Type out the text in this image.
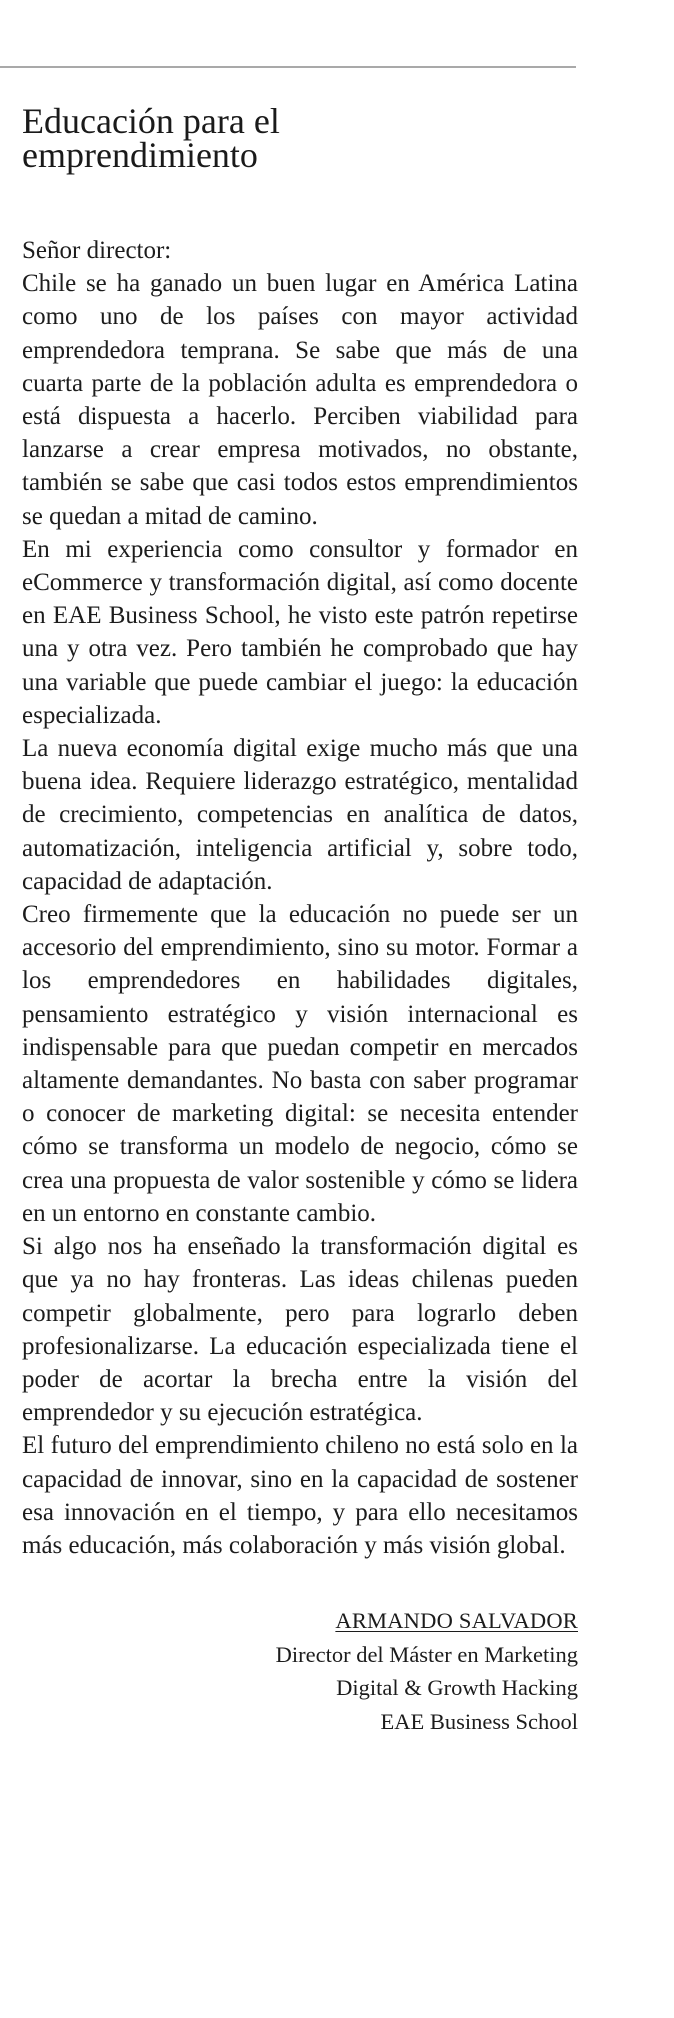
Educación para el
emprendimiento
Señor director:

Chile se ha ganado un buen lugar en América Latina como uno de los países con mayor actividad emprendedora temprana. Se sabe que más de una cuarta parte de la población adulta es emprendedora o está dispuesta a hacerlo. Perciben viabilidad para lanzarse a crear empresa motivados, no obstante, también se sabe que casi todos estos emprendimientos se quedan a mitad de camino.

En mi experiencia como consultor y formador en eCommerce y transformación digital, así como docente en EAE Business School, he visto este patrón repetirse una y otra vez. Pero también he comprobado que hay una variable que puede cambiar el juego: la educación especializada.

La nueva economía digital exige mucho más que una buena idea. Requiere liderazgo estratégico, mentalidad de crecimiento, competencias en analítica de datos, automatización, inteligencia artificial y, sobre todo, capacidad de adaptación.

Creo firmemente que la educación no puede ser un accesorio del emprendimiento, sino su motor. Formar a los emprendedores en habilidades digitales, pensamiento estratégico y visión internacional es indispensable para que puedan competir en mercados altamente demandantes. No basta con saber programar o conocer de marketing digital: se necesita entender cómo se transforma un modelo de negocio, cómo se crea una propuesta de valor sostenible y cómo se lidera en un entorno en constante cambio.

Si algo nos ha enseñado la transformación digital es que ya no hay fronteras. Las ideas chilenas pueden competir globalmente, pero para lograrlo deben profesionalizarse. La educación especializada tiene el poder de acortar la brecha entre la visión del emprendedor y su ejecución estratégica.

El futuro del emprendimiento chileno no está solo en la capacidad de innovar, sino en la capacidad de sostener esa innovación en el tiempo, y para ello necesitamos más educación, más colaboración y más visión global.

ARMANDO SALVADOR
Director del Máster en Marketing
Digital & Growth Hacking
EAE Business School
